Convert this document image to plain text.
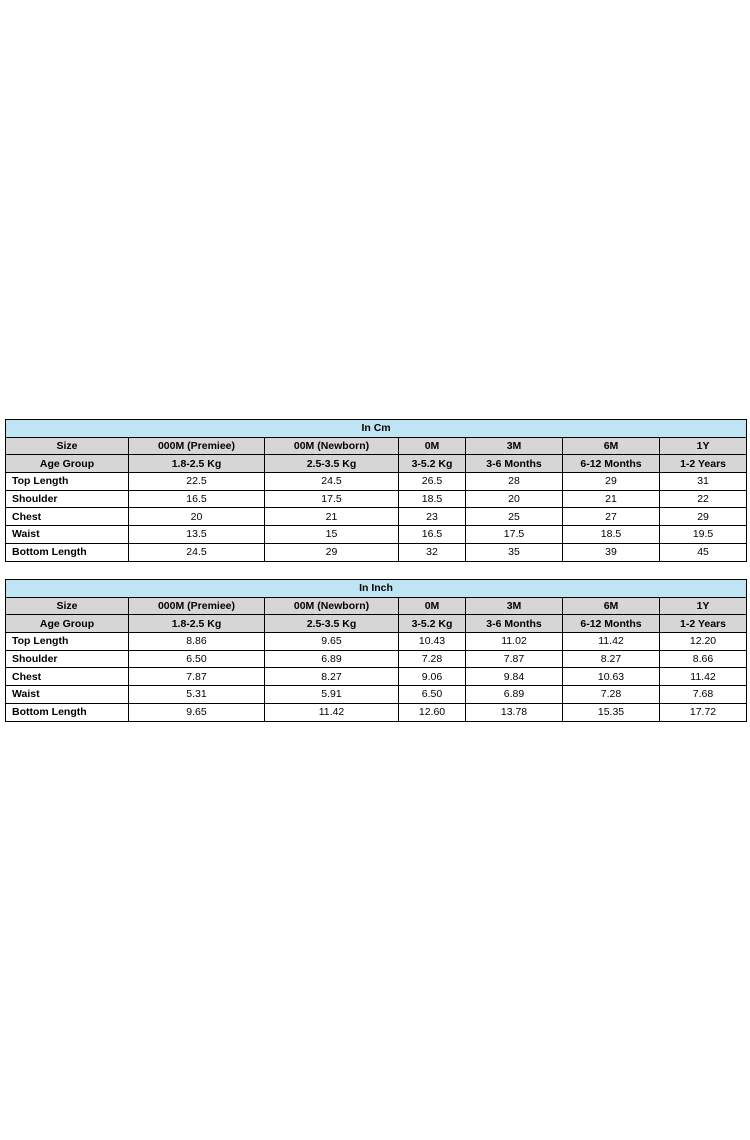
In Cm						
Size	000M (Premiee)	00M (Newborn)	0M	3M	6M	1Y
Age Group	1.8-2.5 Kg	2.5-3.5 Kg	3-5.2 Kg	3-6 Months	6-12 Months	1-2 Years
Top Length	22.5	24.5	26.5	28	29	31
Shoulder	16.5	17.5	18.5	20	21	22
Chest	20	21	23	25	27	29
Waist	13.5	15	16.5	17.5	18.5	19.5
Bottom Length	24.5	29	32	35	39	45
In Inch						
Size	000M (Premiee)	00M (Newborn)	0M	3M	6M	1Y
Age Group	1.8-2.5 Kg	2.5-3.5 Kg	3-5.2 Kg	3-6 Months	6-12 Months	1-2 Years
Top Length	8.86	9.65	10.43	11.02	11.42	12.20
Shoulder	6.50	6.89	7.28	7.87	8.27	8.66
Chest	7.87	8.27	9.06	9.84	10.63	11.42
Waist	5.31	5.91	6.50	6.89	7.28	7.68
Bottom Length	9.65	11.42	12.60	13.78	15.35	17.72
